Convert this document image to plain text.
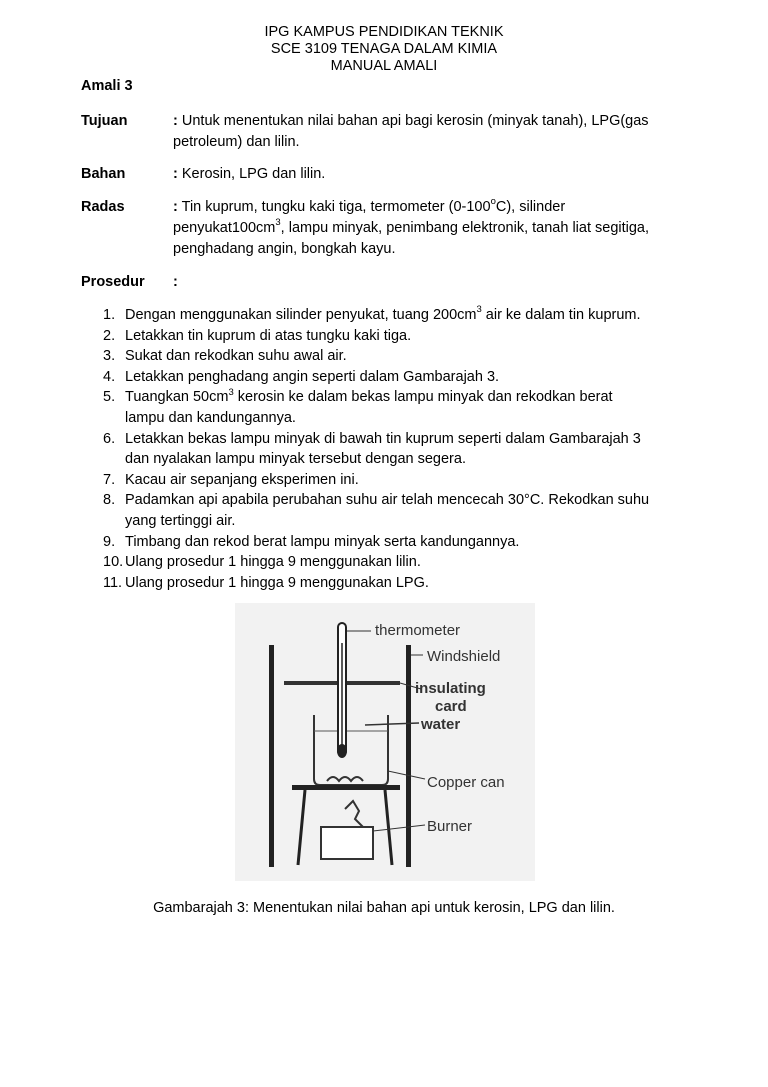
IPG KAMPUS PENDIDIKAN TEKNIK
SCE 3109 TENAGA DALAM KIMIA
MANUAL AMALI
Amali 3
Tujuan	: Untuk menentukan nilai bahan api bagi kerosin (minyak tanah), LPG(gas
petroleum) dan lilin.
Bahan	: Kerosin, LPG dan lilin.
Radas	: Tin kuprum, tungku kaki tiga, termometer (0-100$^o$C), silinder
$penyukat100cm^3$, lampu minyak, penimbang elektronik, tanah liat segitiga,
penghadang angin, bongkah kayu.
Prosedur :
1. Dengan menggunakan silinder penyukat, tuang $200cm^3$ air ke dalam tin kuprum.
2. Letakkan tin kuprum di atas tungku kaki tiga.
3. Sukat dan rekodkan suhu awal air.
4. Letakkan penghadang angin seperti dalam Gambarajah 3.
5. Tuangkan $50cm^3$ kerosin ke dalam bekas lampu minyak dan rekodkan berat
lampu dan kandungannya.
6. Letakkan bekas lampu minyak di bawah tin kuprum seperti dalam Gambarajah 3
dan nyalakan lampu minyak tersebut dengan segera.
7. Kacau air sepanjang eksperimen ini.
8. Padamkan api apabila perubahan suhu air telah mencecah 30°C. Rekodkan suhu
yang tertinggi air.
9. Timbang dan rekod berat lampu minyak serta kandungannya.
10. Ulang prosedur 1 hingga 9 menggunakan lilin.
11. Ulang prosedur 1 hingga 9 menggunakan LPG.
thermometer
Windshield
insulating
card
water
Copper can
Burner
Gambarajah 3: Menentukan nilai bahan api untuk kerosin, LPG dan lilin.
